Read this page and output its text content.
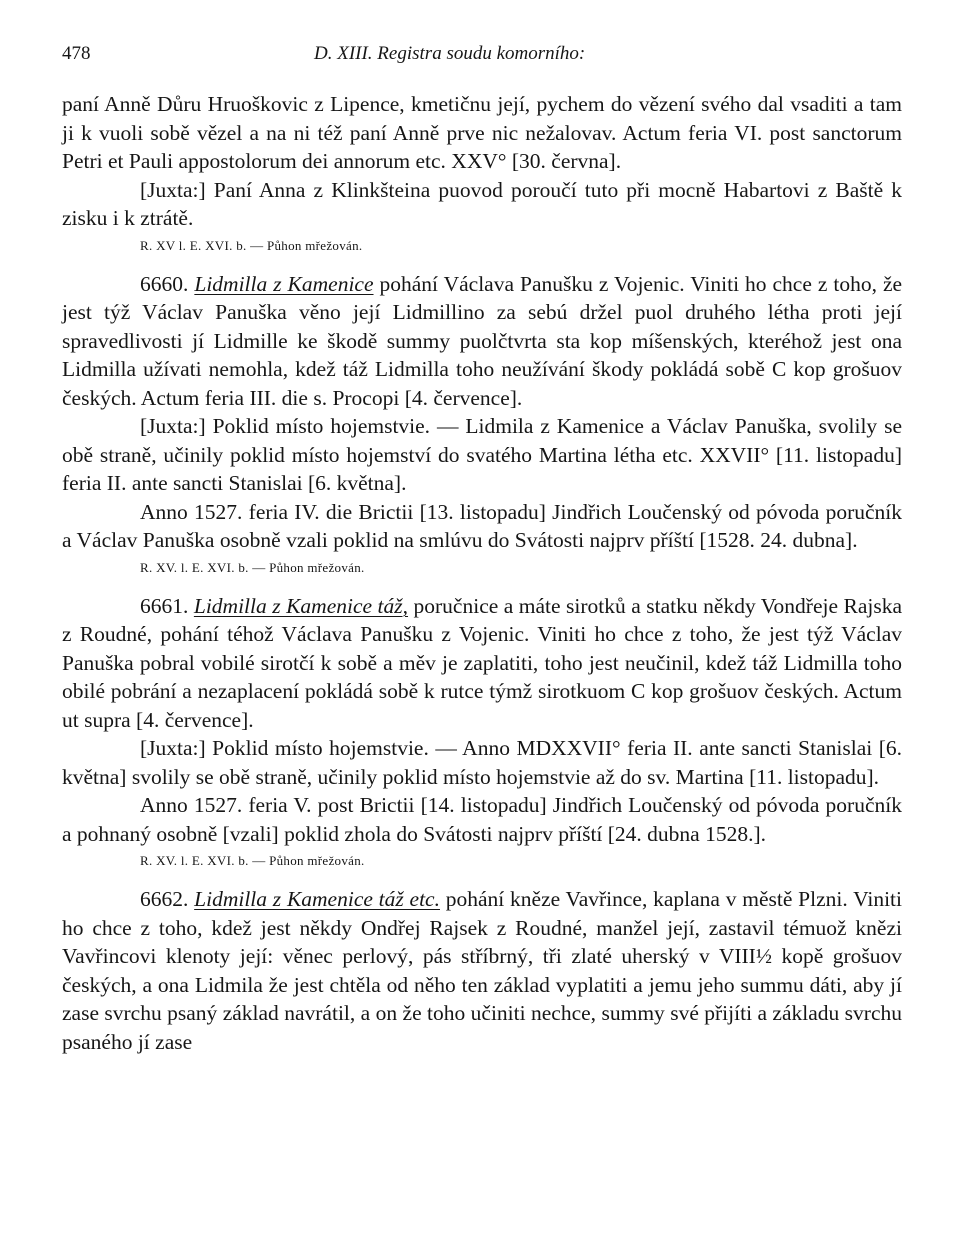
478	D. XIII. Registra soudu komorního:

paní Anně Důru Hruoškovic z Lipence, kmetičnu její, pychem do vězení svého dal vsaditi a tam ji k vuoli sobě vězel a na ni též paní Anně prve nic nežalovav. Actum feria VI. post sanctorum Petri et Pauli appostolorum dei annorum etc. XXV° [30. června].

[Juxta:] Paní Anna z Klinkšteina puovod poroučí tuto při mocně Habartovi z Baště k zisku i k ztrátě.

R. XV l. E. XVI. b. — Půhon mřežován.

6660. Lidmilla z Kamenice pohání Václava Panušku z Vojenic. Viniti ho chce z toho, že jest týž Václav Panuška věno její Lidmillino za sebú držel puol druhého létha proti její spravedlivosti jí Lidmille ke škodě summy puolčtvrta sta kop míšenských, kteréhož jest ona Lidmilla užívati nemohla, kdež táž Lidmilla toho neužívání škody pokládá sobě C kop grošuov českých. Actum feria III. die s. Procopi [4. července].

[Juxta:] Poklid místo hojemstvie. — Lidmila z Kamenice a Václav Panuška, svolily se obě straně, učinily poklid místo hojemství do svatého Martina létha etc. XXVII° [11. listopadu] feria II. ante sancti Stanislai [6. května].

Anno 1527. feria IV. die Brictii [13. listopadu] Jindřich Loučenský od póvoda poručník a Václav Panuška osobně vzali poklid na smlúvu do Svátosti najprv příští [1528. 24. dubna].

R. XV. l. E. XVI. b. — Půhon mřežován.

6661. Lidmilla z Kamenice táž, poručnice a máte sirotků a statku někdy Vondřeje Rajska z Roudné, pohání téhož Václava Panušku z Vojenic. Viniti ho chce z toho, že jest týž Václav Panuška pobral vobilé sirotčí k sobě a měv je zaplatiti, toho jest neučinil, kdež táž Lidmilla toho obilé pobrání a nezaplacení pokládá sobě k rutce týmž sirotkuom C kop grošuov českých. Actum ut supra [4. července].

[Juxta:] Poklid místo hojemstvie. — Anno MDXXVII° feria II. ante sancti Stanislai [6. května] svolily se obě straně, učinily poklid místo hojemstvie až do sv. Martina [11. listopadu].

Anno 1527. feria V. post Brictii [14. listopadu] Jindřich Loučenský od póvoda poručník a pohnaný osobně [vzali] poklid zhola do Svátosti najprv příští [24. dubna 1528.].

R. XV. l. E. XVI. b. — Půhon mřežován.

6662. Lidmilla z Kamenice táž etc. pohání kněze Vavřince, kaplana v městě Plzni. Viniti ho chce z toho, kdež jest někdy Ondřej Rajsek z Roudné, manžel její, zastavil témuož knězi Vavřincovi klenoty její: věnec perlový, pás stříbrný, tři zlaté uherský v VIII½ kopě grošuov českých, a ona Lidmila že jest chtěla od něho ten základ vyplatiti a jemu jeho summu dáti, aby jí zase svrchu psaný základ navrátil, a on že toho učiniti nechce, summy své přijíti a základu svrchu psaného jí zase
